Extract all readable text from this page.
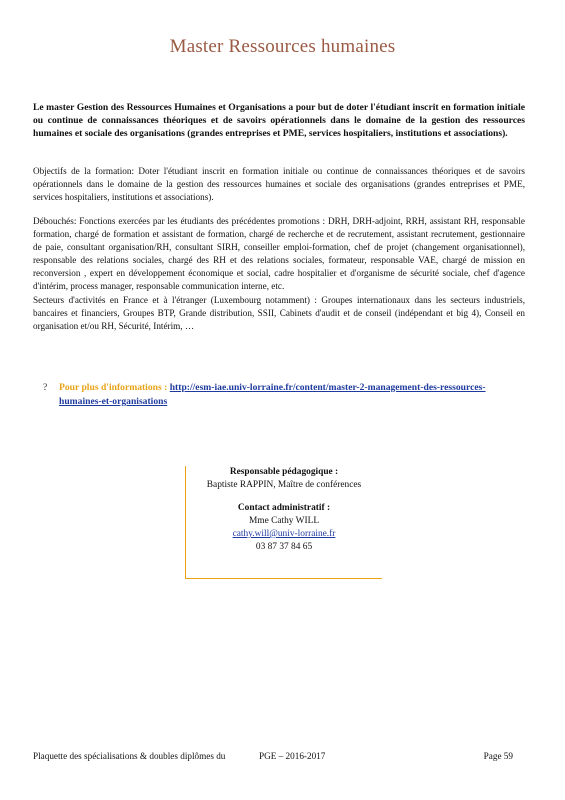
Master Ressources humaines
Le master Gestion des Ressources Humaines et Organisations a pour but de doter l'étudiant inscrit en formation initiale ou continue de connaissances théoriques et de savoirs opérationnels dans le domaine de la gestion des ressources humaines et sociale des organisations (grandes entreprises et PME, services hospitaliers, institutions et associations).
Objectifs de la formation: Doter l'étudiant inscrit en formation initiale ou continue de connaissances théoriques et de savoirs opérationnels dans le domaine de la gestion des ressources humaines et sociale des organisations (grandes entreprises et PME, services hospitaliers, institutions et associations).
Débouchés: Fonctions exercées par les étudiants des précédentes promotions : DRH, DRH-adjoint, RRH, assistant RH, responsable formation, chargé de formation et assistant de formation, chargé de recherche et de recrutement, assistant recrutement, gestionnaire de paie, consultant organisation/RH, consultant SIRH, conseiller emploi-formation, chef de projet (changement organisationnel), responsable des relations sociales, chargé des RH et des relations sociales, formateur, responsable VAE, chargé de mission en reconversion , expert en développement économique et social, cadre hospitalier et d'organisme de sécurité sociale, chef d'agence d'intérim, process manager, responsable communication interne, etc.
Secteurs d'activités en France et à l'étranger (Luxembourg notamment) : Groupes internationaux dans les secteurs industriels, bancaires et financiers, Groupes BTP, Grande distribution, SSII, Cabinets d'audit et de conseil (indépendant et big 4), Conseil en organisation et/ou RH, Sécurité, Intérim, …
? Pour plus d'informations : http://esm-iae.univ-lorraine.fr/content/master-2-management-des-ressources-humaines-et-organisations
Responsable pédagogique :
Baptiste RAPPIN, Maître de conférences
Contact administratif :
Mme Cathy WILL
cathy.will@univ-lorraine.fr
03 87 37 84 65
Plaquette des spécialisations & doubles diplômes du	PGE – 2016-2017	Page 59
